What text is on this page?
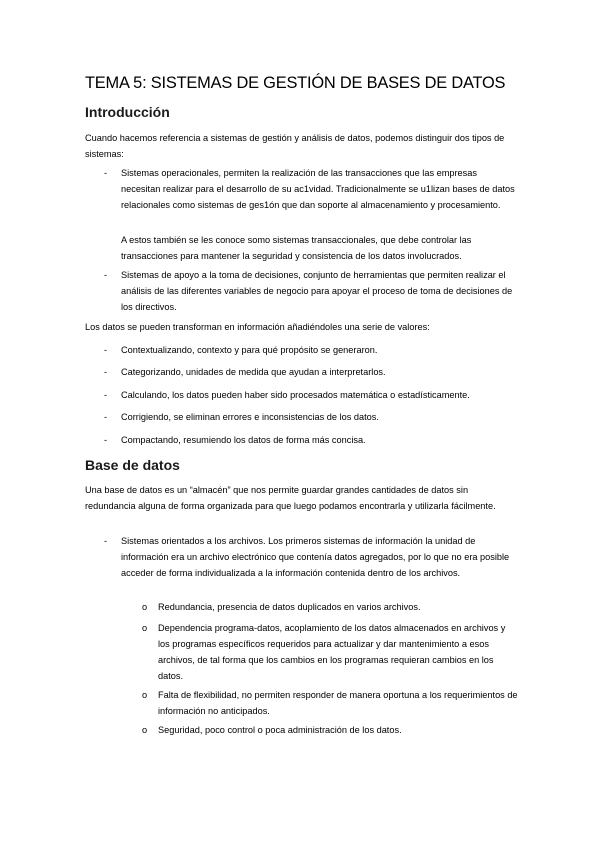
TEMA 5: SISTEMAS DE GESTIÓN DE BASES DE DATOS
Introducción

Cuando hacemos referencia a sistemas de gestión y análisis de datos, podemos distinguir dos tipos de sistemas:

- Sistemas operacionales, permiten la realización de las transacciones que las empresas necesitan realizar para el desarrollo de su ac1vidad. Tradicionalmente se u1lizan bases de datos relacionales como sistemas de ges1ón que dan soporte al almacenamiento y procesamiento.

A estos también se les conoce somo sistemas transaccionales, que debe controlar las transacciones para mantener la seguridad y consistencia de los datos involucrados.

- Sistemas de apoyo a la toma de decisiones, conjunto de herramientas que permiten realizar el análisis de las diferentes variables de negocio para apoyar el proceso de toma de decisiones de los directivos.

Los datos se pueden transforman en información añadiéndoles una serie de valores:

- Contextualizando, contexto y para qué propósito se generaron.

- Categorizando, unidades de medida que ayudan a interpretarlos.

- Calculando, los datos pueden haber sido procesados matemática o estadísticamente.

- Corrigiendo, se eliminan errores e inconsistencias de los datos.

- Compactando, resumiendo los datos de forma más concisa.

Base de datos

Una base de datos es un “almacén” que nos permite guardar grandes cantidades de datos sin redundancia alguna de forma organizada para que luego podamos encontrarla y utilizarla fácilmente.

- Sistemas orientados a los archivos. Los primeros sistemas de información la unidad de información era un archivo electrónico que contenía datos agregados, por lo que no era posible acceder de forma individualizada a la información contenida dentro de los archivos.

o Redundancia, presencia de datos duplicados en varios archivos.

o Dependencia programa-datos, acoplamiento de los datos almacenados en archivos y los programas específicos requeridos para actualizar y dar mantenimiento a esos archivos, de tal forma que los cambios en los programas requieran cambios en los datos.

o Falta de flexibilidad, no permiten responder de manera oportuna a los requerimientos de información no anticipados.

o Seguridad, poco control o poca administración de los datos.
